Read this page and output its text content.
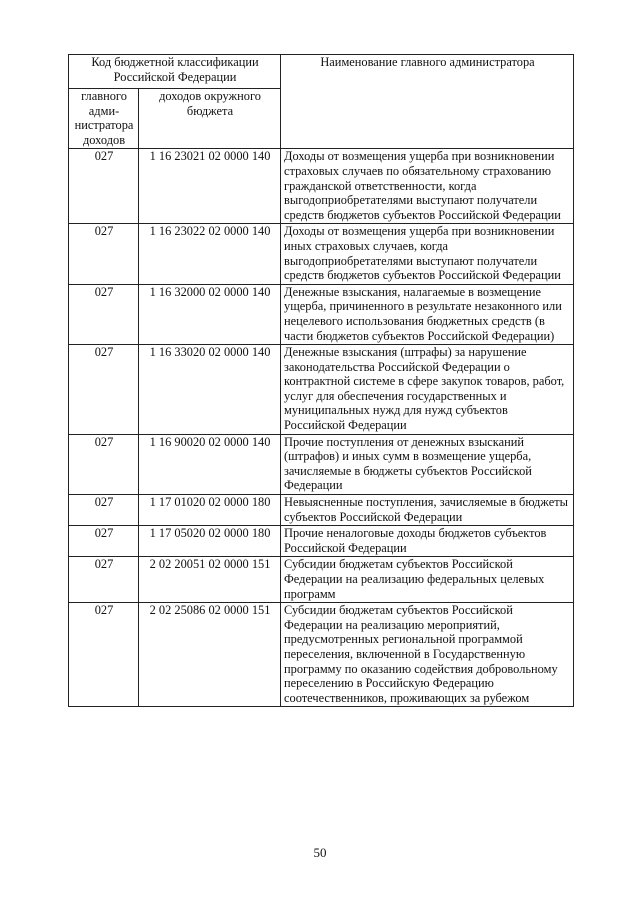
Код бюджетной классификации Российской Федерации		Наименование главного администратора
главного адми-нистратора доходов	доходов окружного бюджета	
027	1 16 23021 02 0000 140	Доходы от возмещения ущерба при возникновении страховых случаев по обязательному страхованию гражданской ответственности, когда выгодоприобретателями выступают получатели средств бюджетов субъектов Российской Федерации
027	1 16 23022 02 0000 140	Доходы от возмещения ущерба при возникновении иных страховых случаев, когда выгодоприобретателями выступают получатели средств бюджетов субъектов Российской Федерации
027	1 16 32000 02 0000 140	Денежные взыскания, налагаемые в возмещение ущерба, причиненного в результате незаконного или нецелевого использования бюджетных средств (в части бюджетов субъектов Российской Федерации)
027	1 16 33020 02 0000 140	Денежные взыскания (штрафы) за нарушение законодательства Российской Федерации о контрактной системе в сфере закупок товаров, работ, услуг для обеспечения государственных и муниципальных нужд для нужд субъектов Российской Федерации
027	1 16 90020 02 0000 140	Прочие поступления от денежных взысканий (штрафов) и иных сумм в возмещение ущерба, зачисляемые в бюджеты субъектов Российской Федерации
027	1 17 01020 02 0000 180	Невыясненные поступления, зачисляемые в бюджеты субъектов Российской Федерации
027	1 17 05020 02 0000 180	Прочие неналоговые доходы бюджетов субъектов Российской Федерации
027	2 02 20051 02 0000 151	Субсидии бюджетам субъектов Российской Федерации на реализацию федеральных целевых программ
027	2 02 25086 02 0000 151	Субсидии бюджетам субъектов Российской Федерации на реализацию мероприятий, предусмотренных региональной программой переселения, включенной в Государственную программу по оказанию содействия добровольному переселению в Российскую Федерацию соотечественников, проживающих за рубежом
50
